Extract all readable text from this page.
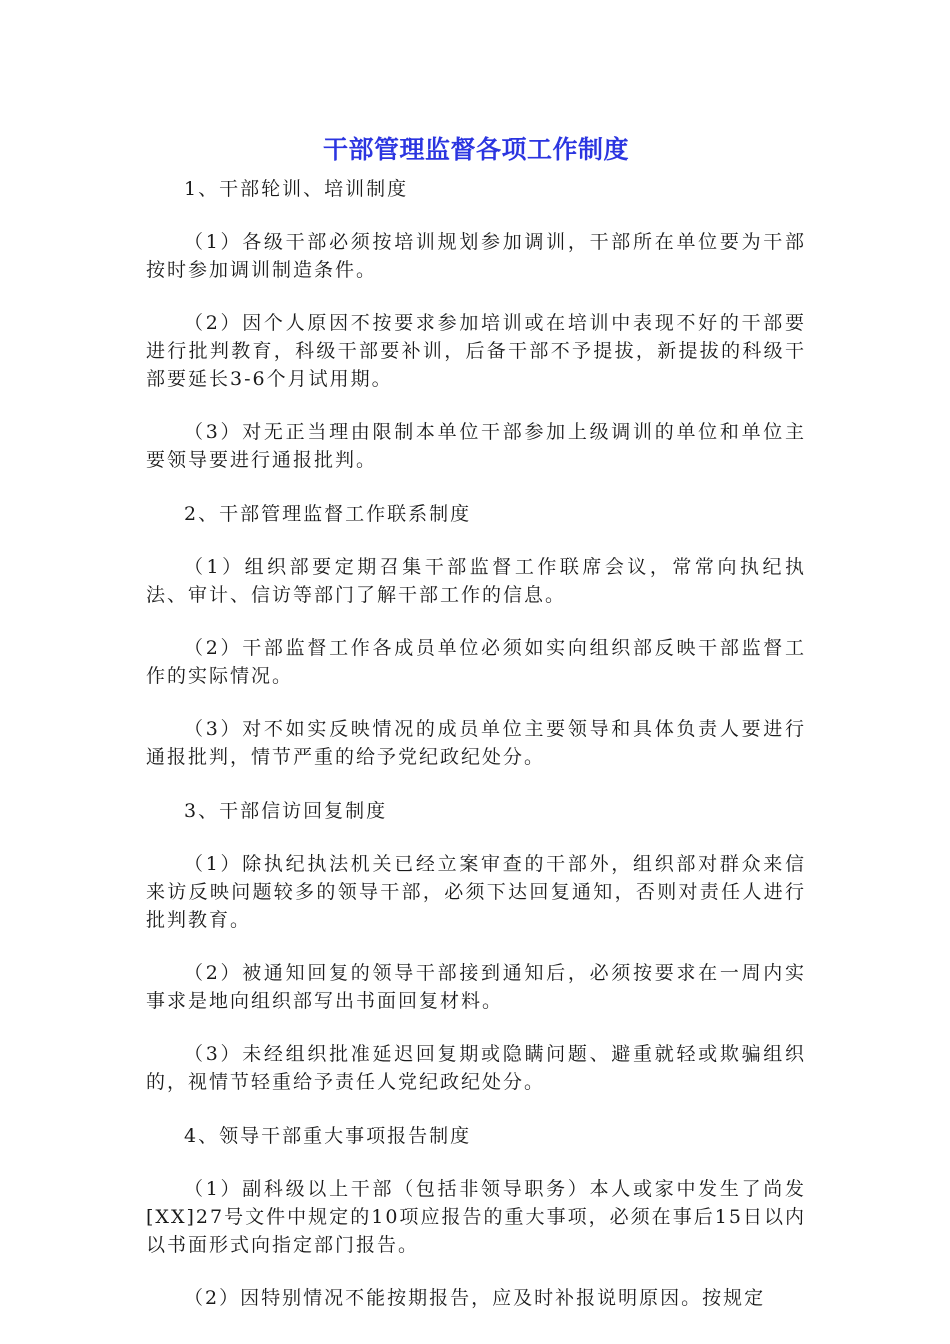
干部管理监督各项工作制度

1、干部轮训、培训制度

（1）各级干部必须按培训规划参加调训，干部所在单位要为干部按时参加调训制造条件。

（2）因个人原因不按要求参加培训或在培训中表现不好的干部要进行批判教育，科级干部要补训，后备干部不予提拔，新提拔的科级干部要延长3-6个月试用期。

（3）对无正当理由限制本单位干部参加上级调训的单位和单位主要领导要进行通报批判。

2、干部管理监督工作联系制度

（1）组织部要定期召集干部监督工作联席会议，常常向执纪执法、审计、信访等部门了解干部工作的信息。

（2）干部监督工作各成员单位必须如实向组织部反映干部监督工作的实际情况。

（3）对不如实反映情况的成员单位主要领导和具体负责人要进行通报批判，情节严重的给予党纪政纪处分。

3、干部信访回复制度

（1）除执纪执法机关已经立案审查的干部外，组织部对群众来信来访反映问题较多的领导干部，必须下达回复通知，否则对责任人进行批判教育。

（2）被通知回复的领导干部接到通知后，必须按要求在一周内实事求是地向组织部写出书面回复材料。

（3）未经组织批准延迟回复期或隐瞒问题、避重就轻或欺骗组织的，视情节轻重给予责任人党纪政纪处分。

4、领导干部重大事项报告制度

（1）副科级以上干部（包括非领导职务）本人或家中发生了尚发[XX]27号文件中规定的10项应报告的重大事项，必须在事后15日以内以书面形式向指定部门报告。

（2）因特别情况不能按期报告，应及时补报说明原因。按规定
